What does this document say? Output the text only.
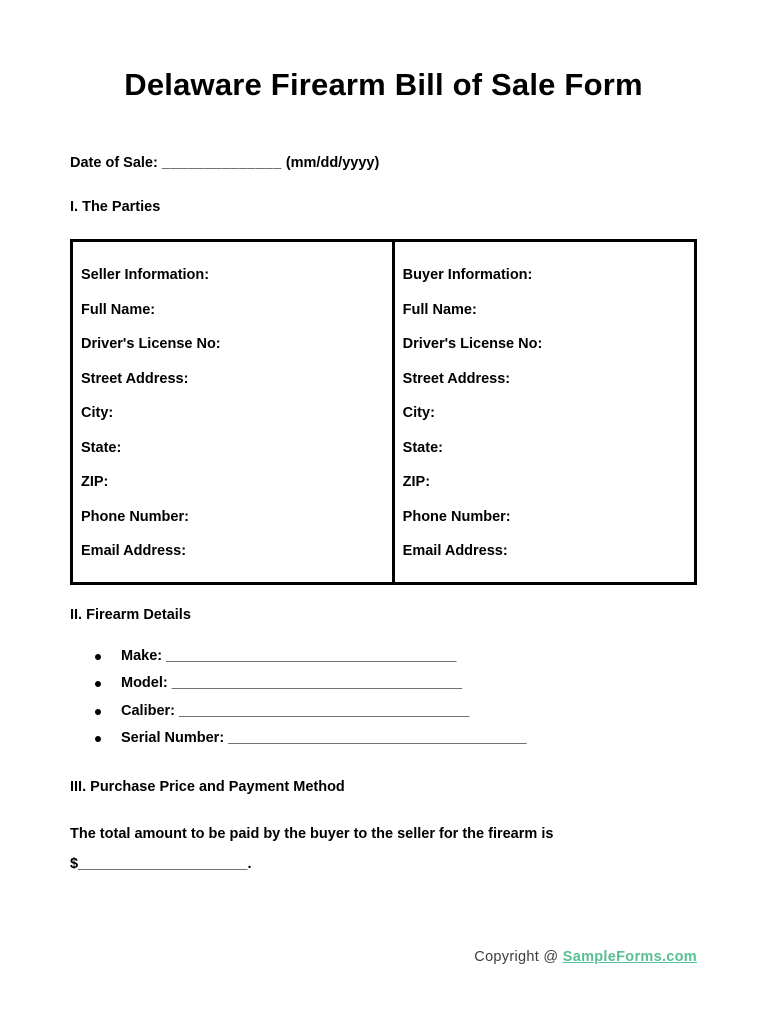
Delaware Firearm Bill of Sale Form

Date of Sale: ______________ (mm/dd/yyyy)

I. The Parties

Seller Information:
Full Name:
Driver's License No:
Street Address:
City:
State:
ZIP:
Phone Number:
Email Address:
Buyer Information:
Full Name:
Driver's License No:
Street Address:
City:
State:
ZIP:
Phone Number:
Email Address:

II. Firearm Details

Make: ____________________________________
Model: ____________________________________
Caliber: ____________________________________
Serial Number: _____________________________________

III. Purchase Price and Payment Method

The total amount to be paid by the buyer to the seller for the firearm is
$_____________________.

Copyright @ SampleForms.com
